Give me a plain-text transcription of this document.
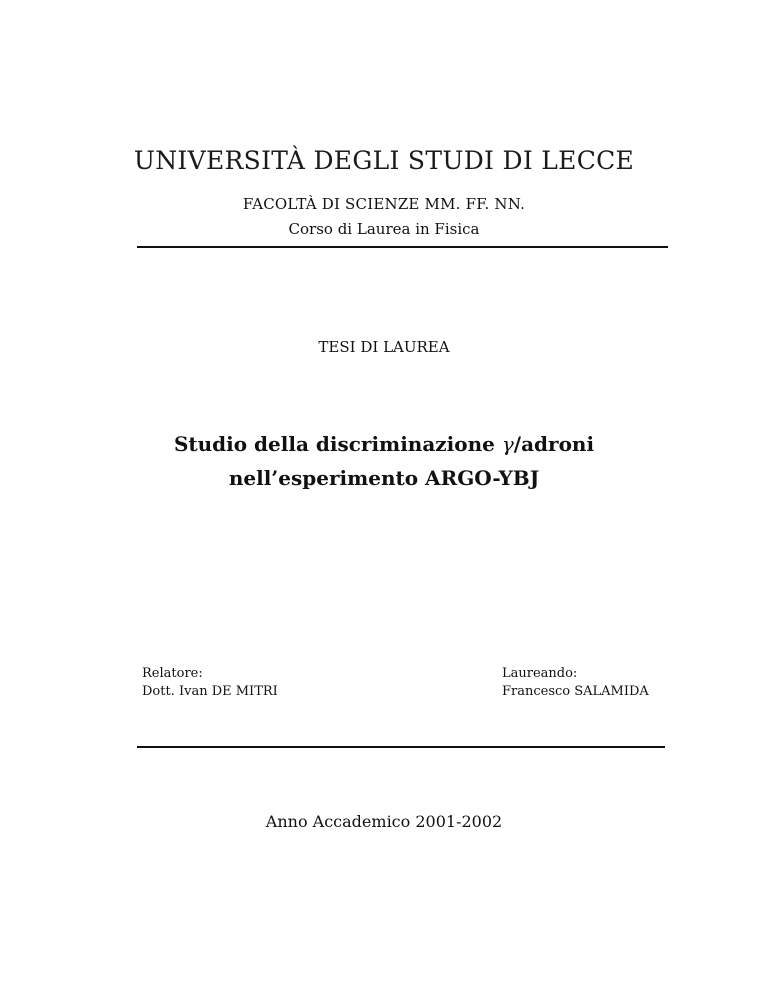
UNIVERSITÀ DEGLI STUDI DI LECCE
FACOLTÀ DI SCIENZE MM. FF. NN.
Corso di Laurea in Fisica
TESI DI LAUREA
Studio della discriminazione γ/adroni
nell’esperimento ARGO-YBJ
Relatore:
Dott. Ivan DE MITRI
Laureando:
Francesco SALAMIDA
Anno Accademico 2001-2002
